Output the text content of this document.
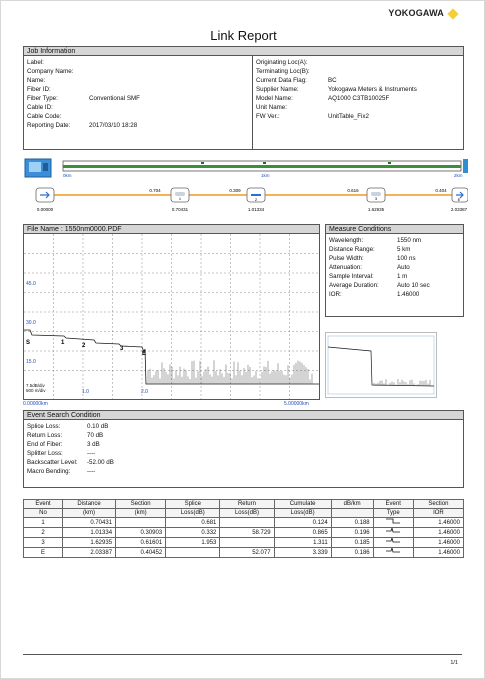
YOKOGAWA
Link Report
Job Information
Label:
Company Name:
Name:
Fiber ID:
Fiber Type:	Conventional SMF
Cable ID:
Cable Code:
Reporting Date:	2017/03/10 18:28
Originating Loc(A):
Terminating Loc(B):
Current Data Flag:	BC
Supplier Name:	Yokogawa Meters & Instruments
Model Name:	AQ1000 C3TB10025F
Unit Name:
FW Ver.:	UnitTable_Fix2
0km	1km	2km
1	2	3	E
0.704	0.309	0.616	0.404
0.00000	0.70431	1.01334	1.62935	2.03387
File Name : 1550nm0000.PDF
45.0
30.0
15.0
7.5dB/div
500 m/div	1.0	2.0
S	1	2	3
E
0.00000km	5.00000km
Measure Conditions
Wavelength:	1550 nm
Distance Range:	5 km
Pulse Width:	100 ns
Attenuation:	Auto
Sample Interval:	1 m
Average Duration:	Auto 10 sec
IOR:	1.46000
Event Search Condition
Splice Loss:	0.10 dB
Return Loss:	70 dB
End of Fiber:	3 dB
Splitter Loss:	----
Backscatter Level:	-52.00 dB
Macro Bending:	----
Event	Distance	Section	Splice	Return	Cumulate	dB/km	Event	Section
No	(km)	(km)	Loss(dB)	Loss(dB)	Loss(dB)		Type	IOR
1	0.70431		0.681		0.124	0.188		1.46000
2	1.01334	0.30903	0.332	58.729	0.865	0.196		1.46000
3	1.62935	0.61601	1.953		1.311	0.185		1.46000
E	2.03387	0.40452		52.077	3.339	0.186		1.46000
1/1
